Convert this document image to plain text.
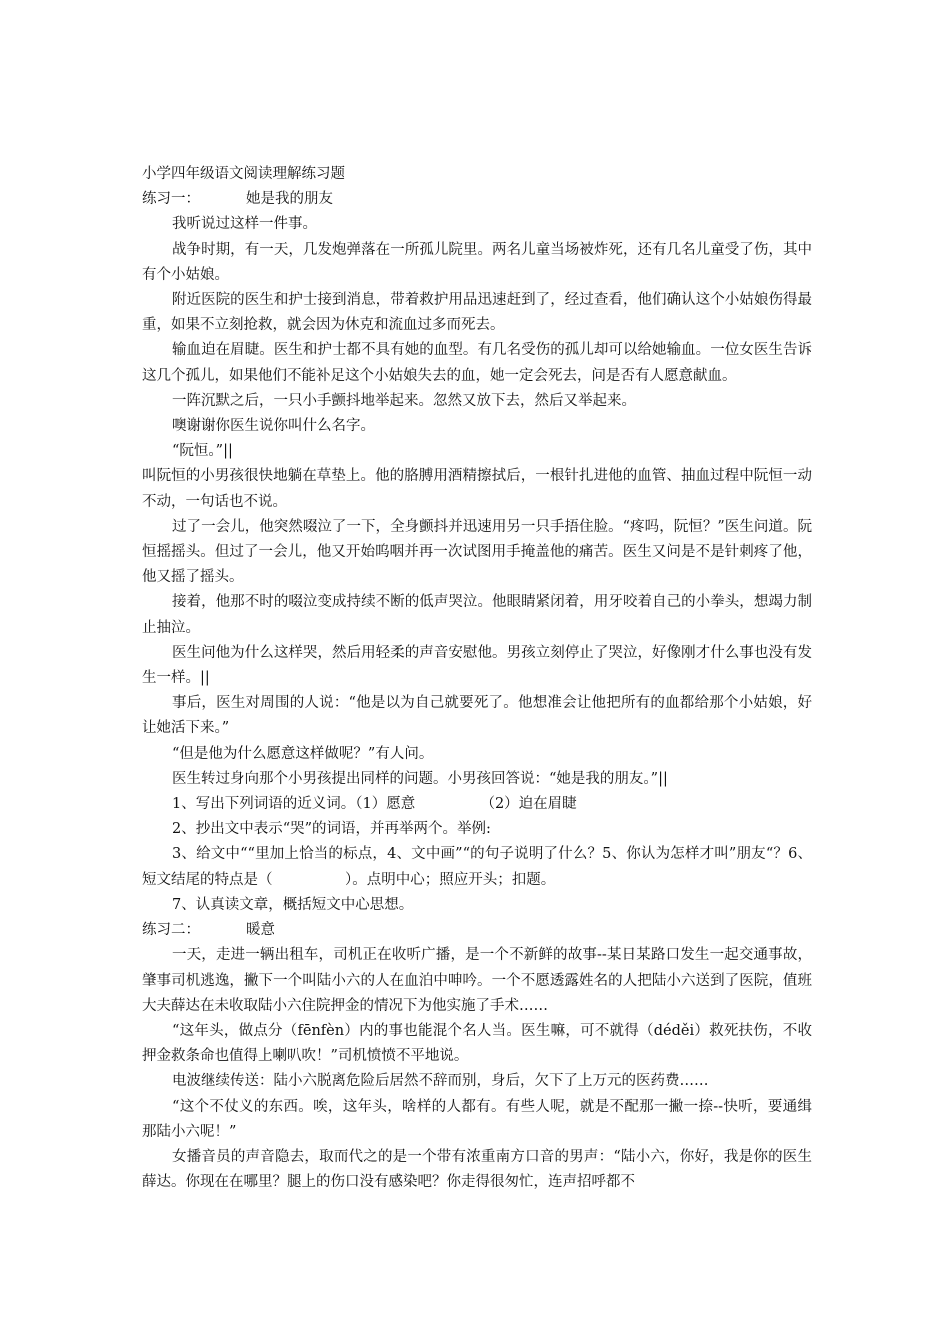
小学四年级语文阅读理解练习题

练习一：	她是我的朋友

我听说过这样一件事。

战争时期，有一天，几发炮弹落在一所孤儿院里。两名儿童当场被炸死，还有几名儿童受了伤，其中有个小姑娘。

附近医院的医生和护士接到消息，带着救护用品迅速赶到了，经过查看，他们确认这个小姑娘伤得最重，如果不立刻抢救，就会因为休克和流血过多而死去。

输血迫在眉睫。医生和护士都不具有她的血型。有几名受伤的孤儿却可以给她输血。一位女医生告诉这几个孤儿，如果他们不能补足这个小姑娘失去的血，她一定会死去，问是否有人愿意献血。

一阵沉默之后，一只小手颤抖地举起来。忽然又放下去，然后又举起来。

噢谢谢你医生说你叫什么名字。

“阮恒。”||

叫阮恒的小男孩很快地躺在草垫上。他的胳膊用酒精擦拭后，一根针扎进他的血管、抽血过程中阮恒一动不动，一句话也不说。

过了一会儿，他突然啜泣了一下，全身颤抖并迅速用另一只手捂住脸。“疼吗，阮恒？”医生问道。阮恒摇摇头。但过了一会儿，他又开始呜咽并再一次试图用手掩盖他的痛苦。医生又问是不是针刺疼了他，他又摇了摇头。

接着，他那不时的啜泣变成持续不断的低声哭泣。他眼睛紧闭着，用牙咬着自己的小拳头，想竭力制止抽泣。

医生问他为什么这样哭，然后用轻柔的声音安慰他。男孩立刻停止了哭泣，好像刚才什么事也没有发生一样。||

事后，医生对周围的人说：“他是以为自己就要死了。他想准会让他把所有的血都给那个小姑娘，好让她活下来。”

“但是他为什么愿意这样做呢？”有人问。

医生转过身向那个小男孩提出同样的问题。小男孩回答说：“她是我的朋友。”||

1、写出下列词语的近义词。（1）愿意　　　　　（2）迫在眉睫

2、抄出文中表示“哭”的词语，并再举两个。举例:

3、给文中““里加上恰当的标点，4、文中画”“的句子说明了什么？5、你认为怎样才叫”朋友“？6、短文结尾的特点是（　　　　　）。点明中心；照应开头；扣题。

7、认真读文章，概括短文中心思想。

练习二：	暖意

一天，走进一辆出租车，司机正在收听广播，是一个不新鲜的故事--某日某路口发生一起交通事故，肇事司机逃逸，撇下一个叫陆小六的人在血泊中呻吟。一个不愿透露姓名的人把陆小六送到了医院，值班大夫薛达在未收取陆小六住院押金的情况下为他实施了手术……

“这年头，做点分（fēnfèn）内的事也能混个名人当。医生嘛，可不就得（déděi）救死扶伤，不收押金救条命也值得上喇叭吹！”司机愤愤不平地说。

电波继续传送：陆小六脱离危险后居然不辞而别，身后，欠下了上万元的医药费……

“这个不仗义的东西。唉，这年头，啥样的人都有。有些人呢，就是不配那一撇一捺--快听，要通缉那陆小六呢！”

女播音员的声音隐去，取而代之的是一个带有浓重南方口音的男声：“陆小六，你好，我是你的医生薛达。你现在在哪里？腿上的伤口没有感染吧？你走得很匆忙，连声招呼都不
